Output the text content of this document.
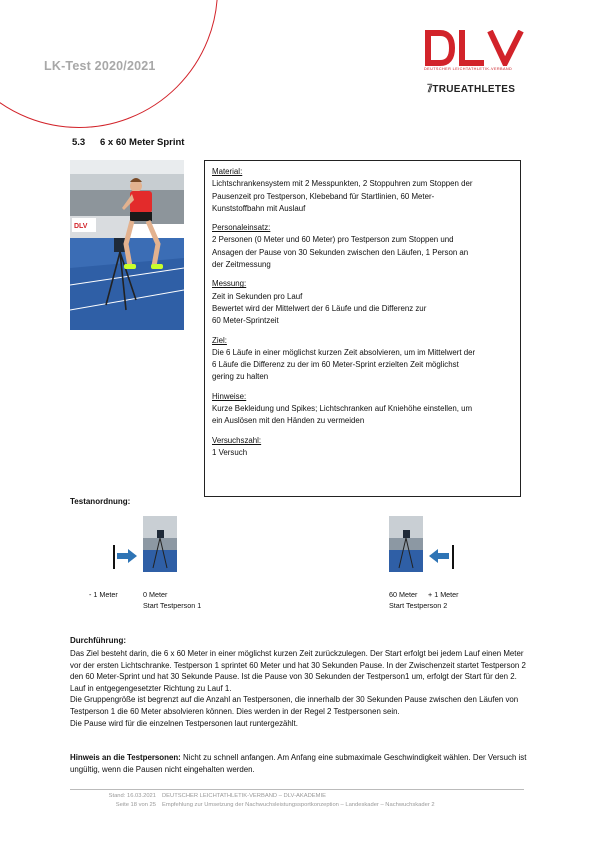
LK-Test 2020/2021	DEUTSCHER LEICHTATHLETIK-VERBAND
⫽̅TRUEATHLETES
5.3 6 x 60 Meter Sprint
DLV

Material:

Lichtschrankensystem mit 2 Messpunkten, 2 Stoppuhren zum Stoppen der

Pausenzeit pro Testperson, Klebeband für Startlinien, 60 Meter-

Kunststoffbahn mit Auslauf

Personaleinsatz:

2 Personen (0 Meter und 60 Meter) pro Testperson zum Stoppen und

Ansagen der Pause von 30 Sekunden zwischen den Läufen, 1 Person an

der Zeitmessung

Messung:

Zeit in Sekunden pro Lauf

Bewertet wird der Mittelwert der 6 Läufe und die Differenz zur

60 Meter-Sprintzeit

Ziel:

Die 6 Läufe in einer möglichst kurzen Zeit absolvieren, um im Mittelwert der

6 Läufe die Differenz zu der im 60 Meter-Sprint erzielten Zeit möglichst

gering zu halten

Hinweise:

Kurze Bekleidung und Spikes; Lichtschranken auf Kniehöhe einstellen, um

ein Auslösen mit den Händen zu vermeiden

Versuchszahl:

1 Versuch

Testanordnung:
- 1 Meter	0 Meter
Start Testperson 1
60 Meter + 1 Meter
Start Testperson 2
Durchführung:

Das Ziel besteht darin, die 6 x 60 Meter in einer möglichst kurzen Zeit zurückzulegen. Der Start erfolgt bei jedem Lauf einen Meter vor der ersten Lichtschranke. Testperson 1 sprintet 60 Meter und hat 30 Sekunden Pause. In der Zwischenzeit startet Testperson 2 den 60 Meter-Sprint und hat 30 Sekunde Pause. Ist die Pause von 30 Sekunden der Testperson1 um, erfolgt der Start für den 2. Lauf in entgegengesetzter Richtung zu Lauf 1.

Die Gruppengröße ist begrenzt auf die Anzahl an Testpersonen, die innerhalb der 30 Sekunden Pause zwischen den Läufen von Testperson 1 die 60 Meter absolvieren können. Dies werden in der Regel 2 Testpersonen sein.

Die Pause wird für die einzelnen Testpersonen laut runtergezählt.

Hinweis an die Testpersonen: Nicht zu schnell anfangen. Am Anfang eine submaximale Geschwindigkeit wählen. Der Versuch ist ungültig, wenn die Pausen nicht eingehalten werden.
Stand: 16.03.2021
Seite 18 von 25
DEUTSCHER LEICHTATHLETIK-VERBAND – DLV-AKADEMIE
Empfehlung zur Umsetzung der Nachwuchsleistungssportkonzeption – Landeskader – Nachwuchskader 2
